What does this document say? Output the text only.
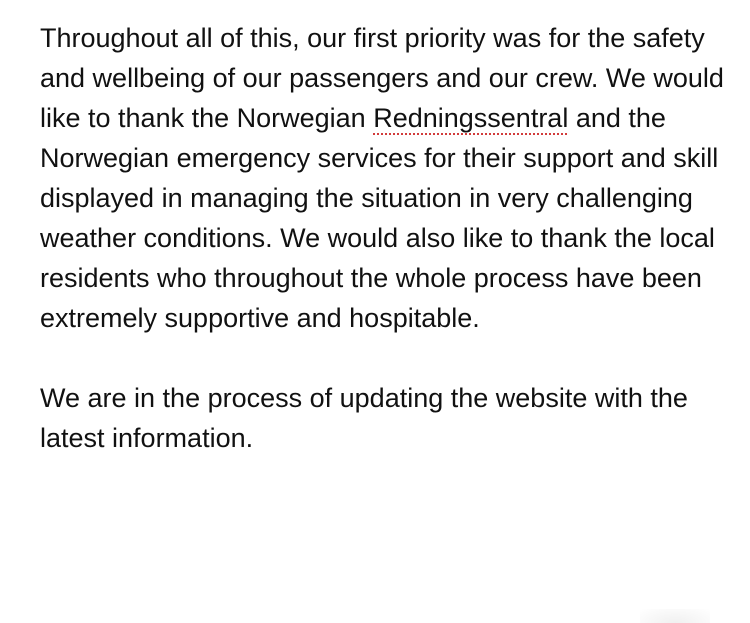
Throughout all of this, our first priority was for the safety and wellbeing of our passengers and our crew. We would like to thank the Norwegian Redningssentral and the Norwegian emergency services for their support and skill displayed in managing the situation in very challenging weather conditions. We would also like to thank the local residents who throughout the whole process have been extremely supportive and hospitable.

We are in the process of updating the website with the latest information.
